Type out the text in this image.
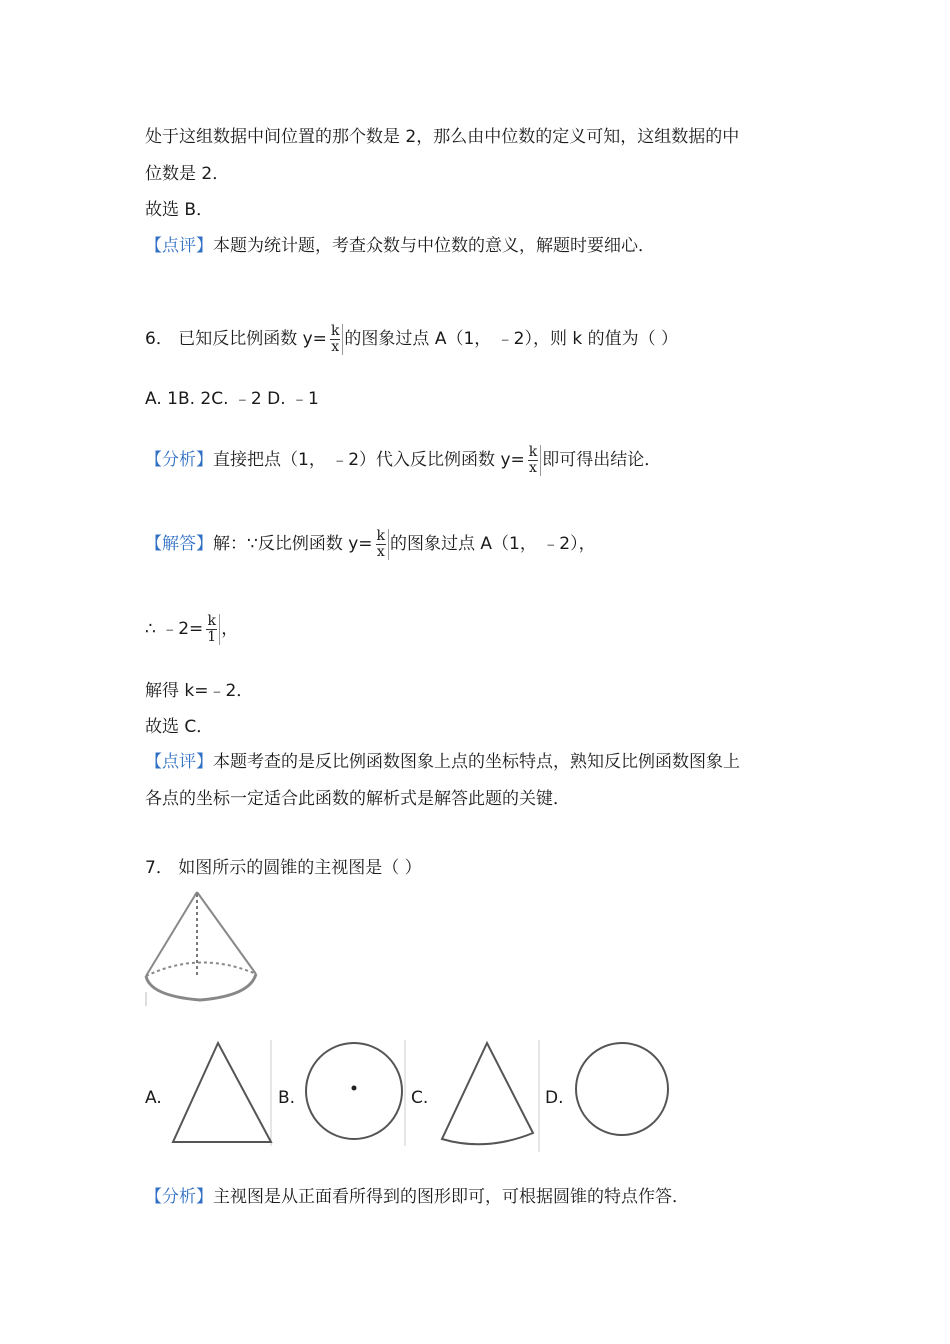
处于这组数据中间位置的那个数是 2，那么由中位数的定义可知，这组数据的中
位数是 2．
故选 B．
【点评】本题为统计题，考查众数与中位数的意义，解题时要细心．
6． 已知反比例函数 $y= \frac{k}{x}$ 的图象过点 A（1， ﹣2），则 k 的值为（ ）
A. 1B. 2C. ﹣2 D. ﹣1
【分析】直接把点（1， ﹣2）代入反比例函数 $y= \frac{k}{x}$ 即可得出结论．
【解答】解：∵反比例函数 $y= \frac{k}{x}$ 的图象过点 A（1， ﹣2），
∴ ﹣2= $\frac{k}{1}$ ，
解得 k=﹣2．
故选 C．
【点评】本题考查的是反比例函数图象上点的坐标特点，熟知反比例函数图象上
各点的坐标一定适合此函数的解析式是解答此题的关键．
7． 如图所示的圆锥的主视图是（ ）
A.	B.	C.	D.
【分析】主视图是从正面看所得到的图形即可，可根据圆锥的特点作答．
